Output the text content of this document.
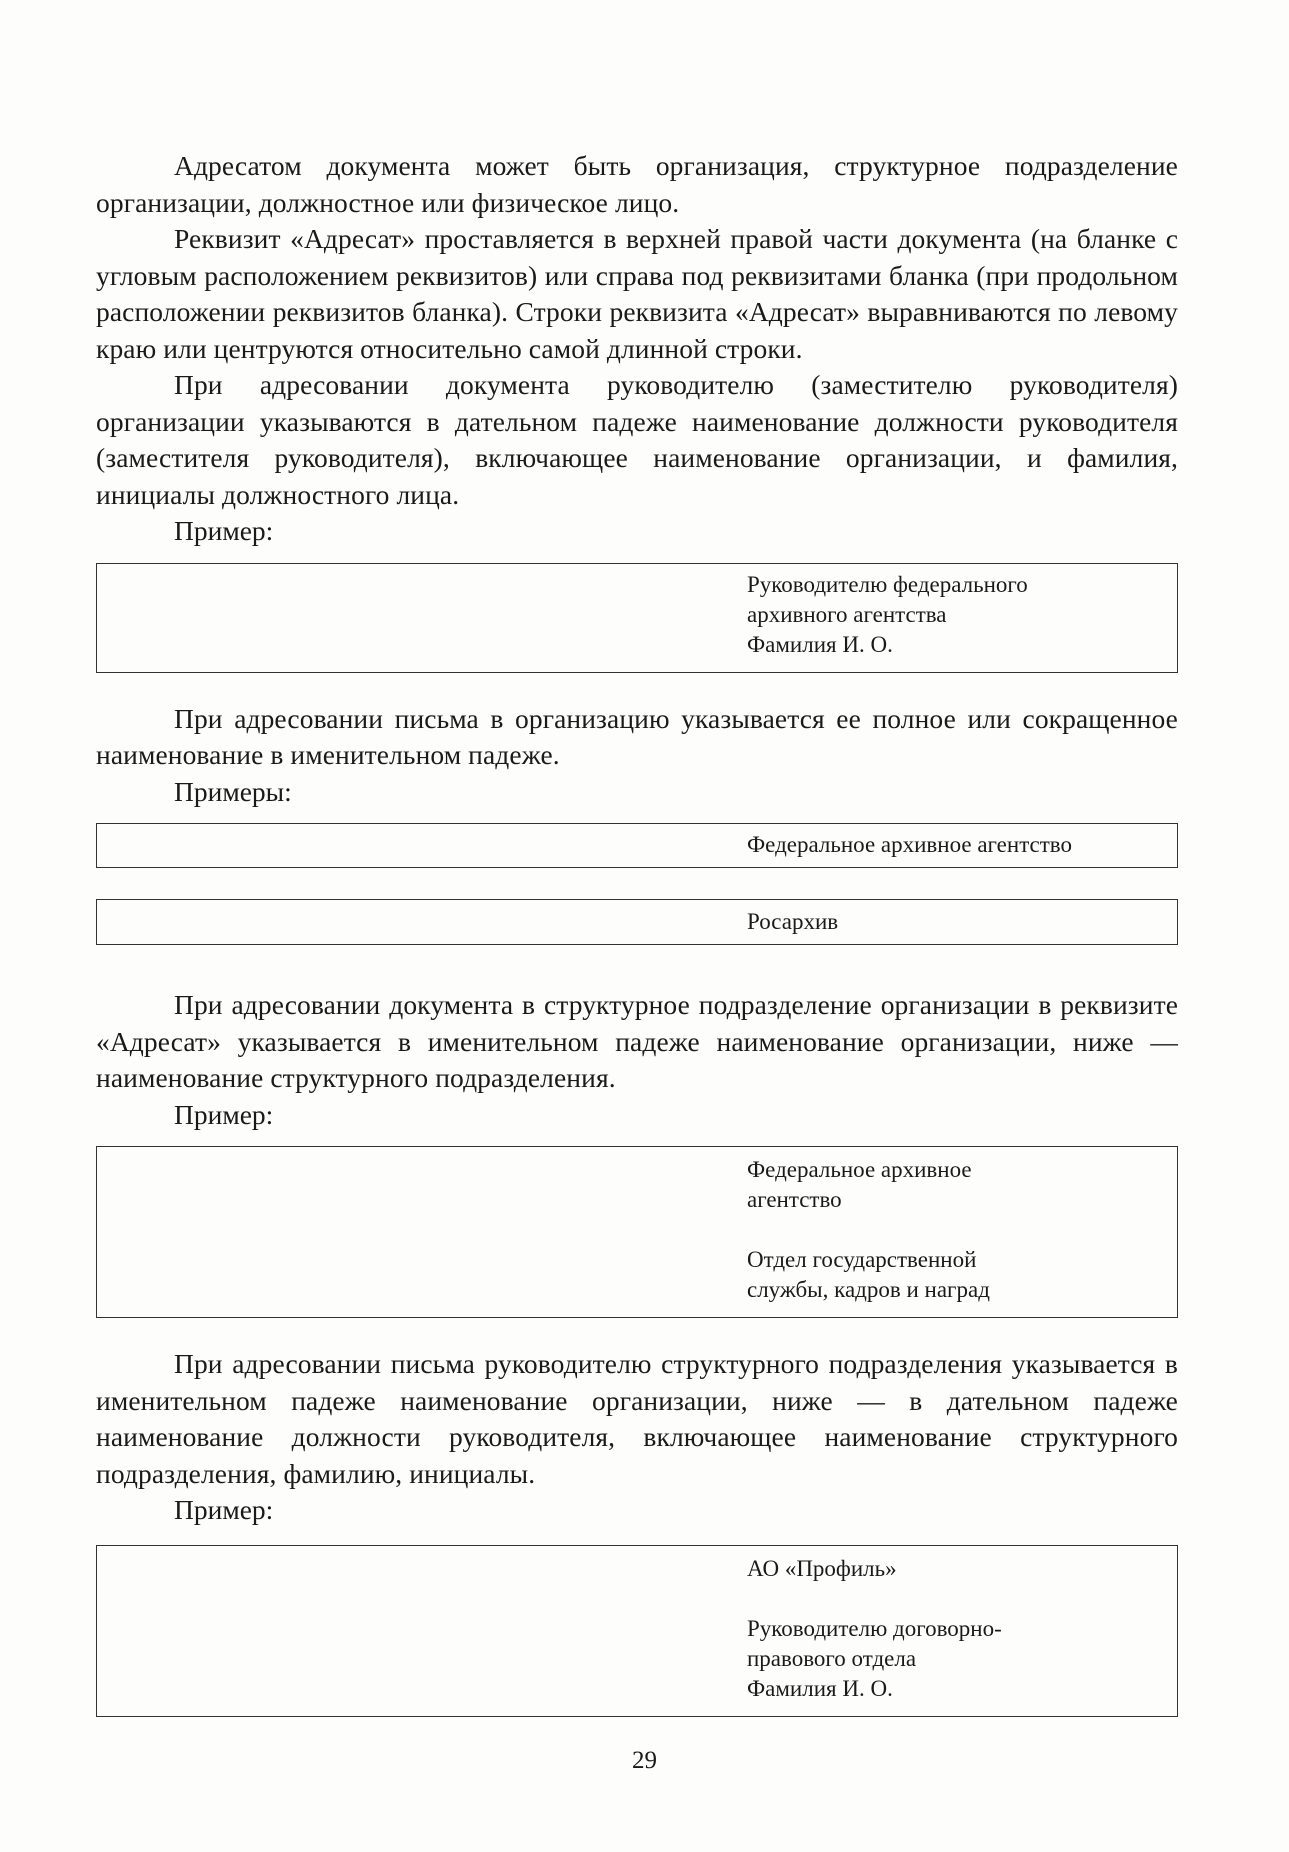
Адресатом документа может быть организация, структурное подразделение организации, должностное или физическое лицо.

Реквизит «Адресат» проставляется в верхней правой части документа (на бланке с угловым расположением реквизитов) или справа под реквизитами бланка (при продольном расположении реквизитов бланка). Строки реквизита «Адресат» выравниваются по левому краю или центруются относительно самой длинной строки.

При адресовании документа руководителю (заместителю руководителя) организации указываются в дательном падеже наименование должности руководителя (заместителя руководителя), включающее наименование организации, и фамилия, инициалы должностного лица.

Пример:

Руководителю федерального
архивного агентства
Фамилия И. О.

При адресовании письма в организацию указывается ее полное или сокращенное наименование в именительном падеже.

Примеры:

Федеральное архивное агентство
Росархив

При адресовании документа в структурное подразделение организации в реквизите «Адресат» указывается в именительном падеже наименование организации, ниже — наименование структурного подразделения.

Пример:

Федеральное архивное
агентство

Отдел государственной
службы, кадров и наград

При адресовании письма руководителю структурного подразделения указывается в именительном падеже наименование организации, ниже — в дательном падеже наименование должности руководителя, включающее наименование структурного подразделения, фамилию, инициалы.

Пример:

АО «Профиль»

Руководителю договорно-
правового отдела
Фамилия И. О.
29
